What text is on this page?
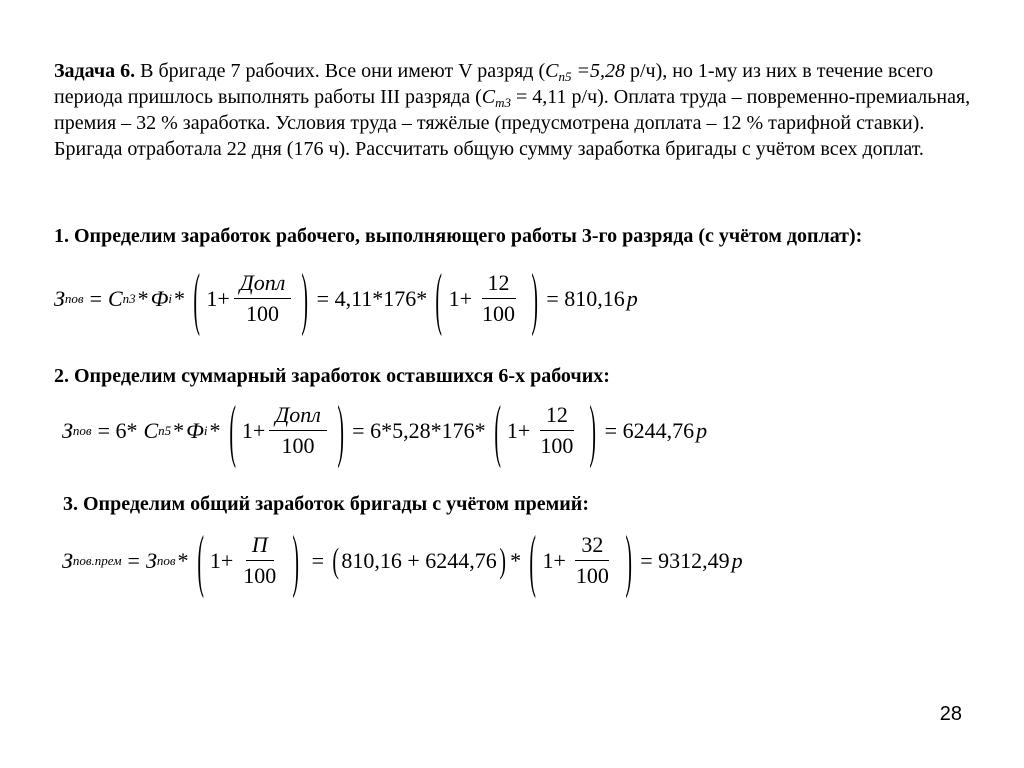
Задача 6. В бригаде 7 рабочих. Все они имеют V разряд ($С_{п5} =5,28$ р/ч), но 1-му из них в течение всего периода пришлось выполнять работы III разряда ($С_{т3} = 4,11$ р/ч). Оплата труда – повременно-премиальная, премия – 32 % заработка. Условия труда – тяжёлые (предусмотрена доплата – 12 % тарифной ставки). Бригада отработала 22 дня (176 ч). Рассчитать общую сумму заработка бригады с учётом всех доплат.

1. Определим заработок рабочего, выполняющего работы 3-го разряда (с учётом доплат):

З пов = С п3 * Ф i * ( $1+ \frac{\text{Допл}}{100}$ ) = 4,11*176* ( $1+ \frac{12}{100}$ ) = 810,16 р

2. Определим суммарный заработок оставшихся 6-х рабочих:

З пов = 6* С п5 * Ф i * ( $1+ \frac{\text{Допл}}{100}$ ) = 6*5,28*176* ( $1+ \frac{12}{100}$ ) = 6244,76 р

3. Определим общий заработок бригады с учётом премий:

З пов.прем = З пов * ( $1+ \frac{П}{100}$ ) = ( 810,16 + 6244,76 ) * ( $1+ \frac{32}{100}$ ) = 9312,49 р
28
